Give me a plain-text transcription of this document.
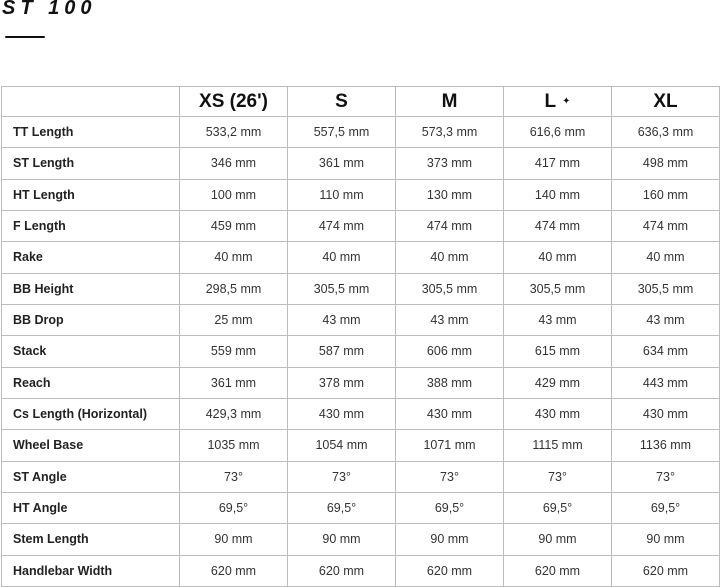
ST 100
	XS (26')	S	M	L ✦	XL
TT Length	533,2 mm	557,5 mm	573,3 mm	616,6 mm	636,3 mm
ST Length	346 mm	361 mm	373 mm	417 mm	498 mm
HT Length	100 mm	110 mm	130 mm	140 mm	160 mm
F Length	459 mm	474 mm	474 mm	474 mm	474 mm
Rake	40 mm	40 mm	40 mm	40 mm	40 mm
BB Height	298,5 mm	305,5 mm	305,5 mm	305,5 mm	305,5 mm
BB Drop	25 mm	43 mm	43 mm	43 mm	43 mm
Stack	559 mm	587 mm	606 mm	615 mm	634 mm
Reach	361 mm	378 mm	388 mm	429 mm	443 mm
Cs Length (Horizontal)	429,3 mm	430 mm	430 mm	430 mm	430 mm
Wheel Base	1035 mm	1054 mm	1071 mm	1115 mm	1136 mm
ST Angle	73°	73°	73°	73°	73°
HT Angle	69,5°	69,5°	69,5°	69,5°	69,5°
Stem Length	90 mm	90 mm	90 mm	90 mm	90 mm
Handlebar Width	620 mm	620 mm	620 mm	620 mm	620 mm
